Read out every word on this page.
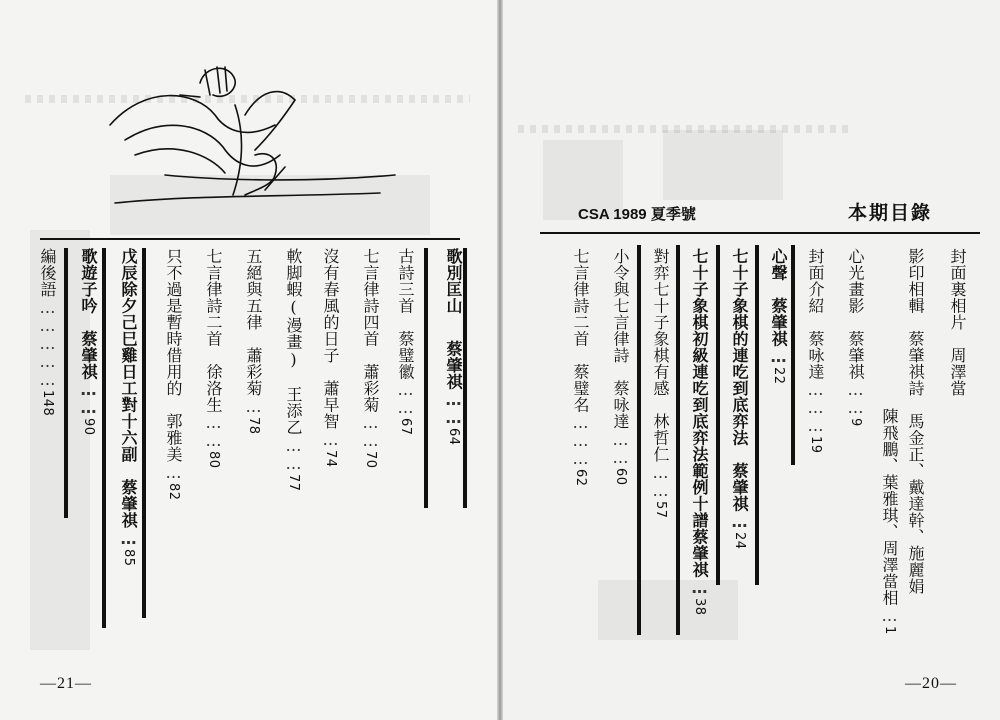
歌別匡山　蔡肇祺……64
古詩三首　蔡璧徽……67
七言律詩四首　蕭彩菊……70
沒有春風的日子　蕭早智…74
軟脚蝦(漫畫)　王添乙……77
五絕與五律　蕭彩菊…78
七言律詩二首　徐洛生……80
只不過是暫時借用的　郭雅美…82
戊辰除夕己巳雞日工對十六副　蔡肇祺…85
歌遊子吟　蔡肇祺……90
編後語……………148
—21—
CSA 1989 夏季號	本期目錄
封面裏相片　周澤當
影印相輯　蔡肇祺詩　馬金正、戴達幹、施麗娟
陳飛鵬、葉雅琪、周澤當相…1
心光畫影　蔡肇祺……9
封面介紹　蔡咏達………19
心聲　蔡肇祺…22
七十子象棋的連吃到底弈法　蔡肇祺…24
七十子象棋初級連吃到底弈法範例十譜蔡肇祺…38
對弈七十子象棋有感　林哲仁……57
小令與七言律詩　蔡咏達……60
七言律詩二首　蔡璧名………62
—20—
